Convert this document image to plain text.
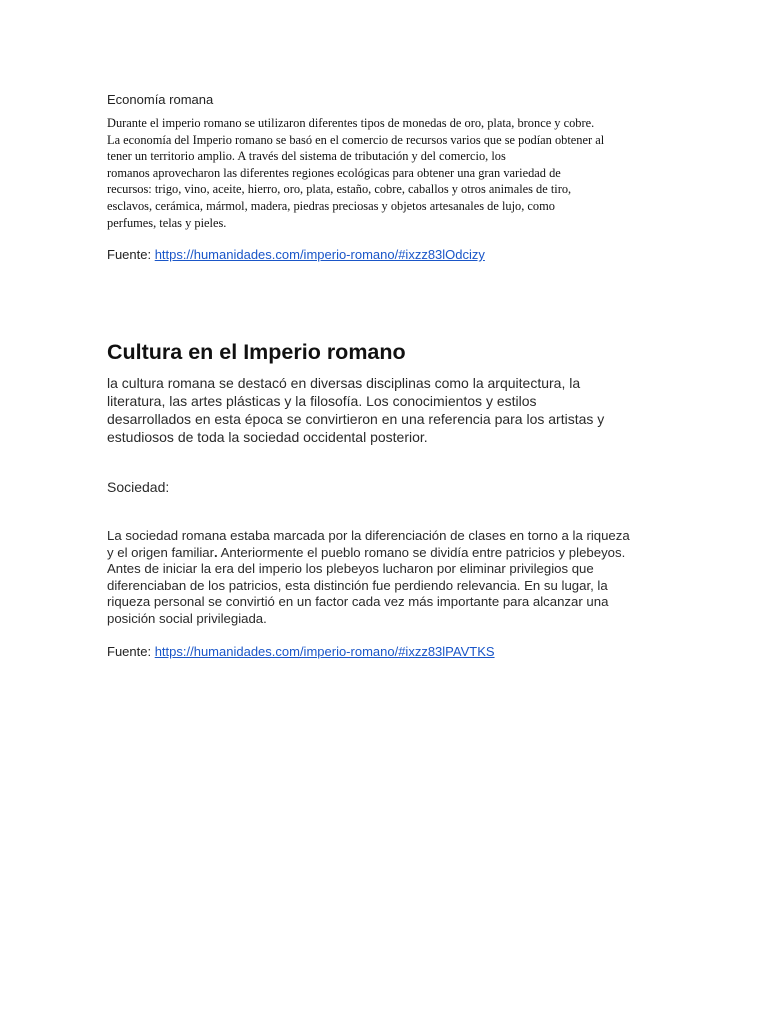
Economía romana
Durante el imperio romano se utilizaron diferentes tipos de monedas de oro, plata, bronce y cobre.
La economía del Imperio romano se basó en el comercio de recursos varios que se podían obtener al
tener un territorio amplio. A través del sistema de tributación y del comercio, los
romanos aprovecharon las diferentes regiones ecológicas para obtener una gran variedad de
recursos: trigo, vino, aceite, hierro, oro, plata, estaño, cobre, caballos y otros animales de tiro,
esclavos, cerámica, mármol, madera, piedras preciosas y objetos artesanales de lujo, como
perfumes, telas y pieles.
Fuente: https://humanidades.com/imperio-romano/#ixzz83lOdcizy
Cultura en el Imperio romano
la cultura romana se destacó en diversas disciplinas como la arquitectura, la
literatura, las artes plásticas y la filosofía. Los conocimientos y estilos
desarrollados en esta época se convirtieron en una referencia para los artistas y
estudiosos de toda la sociedad occidental posterior.
Sociedad:
La sociedad romana estaba marcada por la diferenciación de clases en torno a la riqueza
y el origen familiar. Anteriormente el pueblo romano se dividía entre patricios y plebeyos.
Antes de iniciar la era del imperio los plebeyos lucharon por eliminar privilegios que
diferenciaban de los patricios, esta distinción fue perdiendo relevancia. En su lugar, la
riqueza personal se convirtió en un factor cada vez más importante para alcanzar una
posición social privilegiada.
Fuente: https://humanidades.com/imperio-romano/#ixzz83lPAVTKS
